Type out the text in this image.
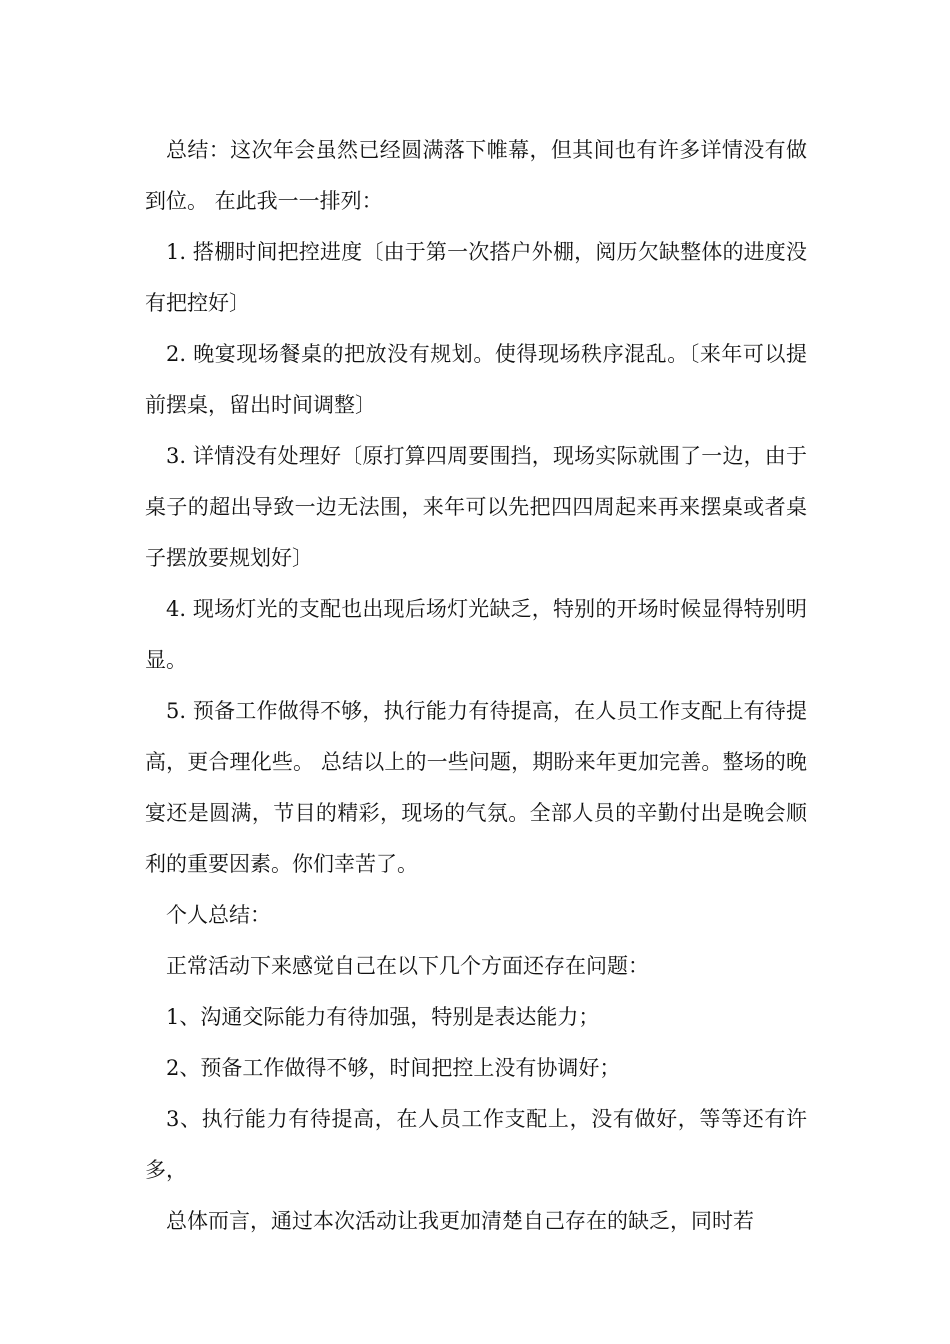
总结：这次年会虽然已经圆满落下帷幕，但其间也有许多详情没有做到位。 在此我一一排列：

1. 搭棚时间把控进度〔由于第一次搭户外棚，阅历欠缺整体的进度没有把控好〕

2. 晚宴现场餐桌的把放没有规划。使得现场秩序混乱。〔来年可以提前摆桌，留出时间调整〕

3. 详情没有处理好〔原打算四周要围挡，现场实际就围了一边，由于桌子的超出导致一边无法围，来年可以先把四四周起来再来摆桌或者桌子摆放要规划好〕

4. 现场灯光的支配也出现后场灯光缺乏，特别的开场时候显得特别明显。

5. 预备工作做得不够，执行能力有待提高，在人员工作支配上有待提高，更合理化些。 总结以上的一些问题，期盼来年更加完善。整场的晚宴还是圆满，节目的精彩，现场的气氛。全部人员的辛勤付出是晚会顺利的重要因素。你们幸苦了。

个人总结：

正常活动下来感觉自己在以下几个方面还存在问题：

1、沟通交际能力有待加强，特别是表达能力；

2、预备工作做得不够，时间把控上没有协调好；

3、执行能力有待提高，在人员工作支配上，没有做好，等等还有许多，

总体而言，通过本次活动让我更加清楚自己存在的缺乏，同时若
